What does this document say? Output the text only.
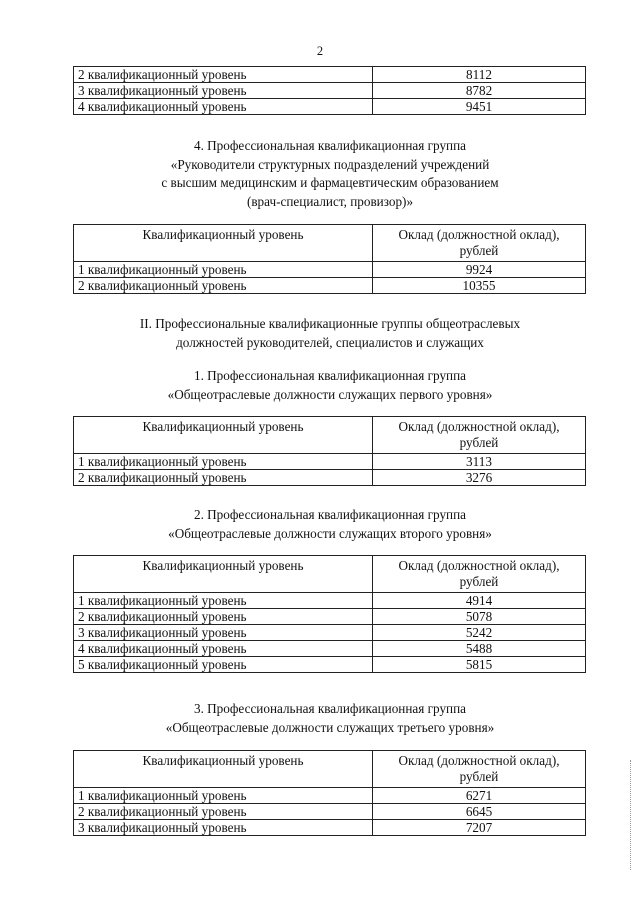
2
2 квалификационный уровень	8112
3 квалификационный уровень	8782
4 квалификационный уровень	9451
4. Профессиональная квалификационная группа
«Руководители структурных подразделений учреждений
с высшим медицинским и фармацевтическим образованием
(врач-специалист, провизор)»
Квалификационный уровень	Оклад (должностной оклад),
рублей

1 квалификационный уровень	9924
2 квалификационный уровень	10355
II. Профессиональные квалификационные группы общеотраслевых
должностей руководителей, специалистов и служащих
1. Профессиональная квалификационная группа
«Общеотраслевые должности служащих первого уровня»
Квалификационный уровень	Оклад (должностной оклад),
рублей

1 квалификационный уровень	3113
2 квалификационный уровень	3276
2. Профессиональная квалификационная группа
«Общеотраслевые должности служащих второго уровня»
Квалификационный уровень	Оклад (должностной оклад),
рублей

1 квалификационный уровень	4914
2 квалификационный уровень	5078
3 квалификационный уровень	5242
4 квалификационный уровень	5488
5 квалификационный уровень	5815
3. Профессиональная квалификационная группа
«Общеотраслевые должности служащих третьего уровня»
Квалификационный уровень	Оклад (должностной оклад),
рублей

1 квалификационный уровень	6271
2 квалификационный уровень	6645
3 квалификационный уровень	7207
